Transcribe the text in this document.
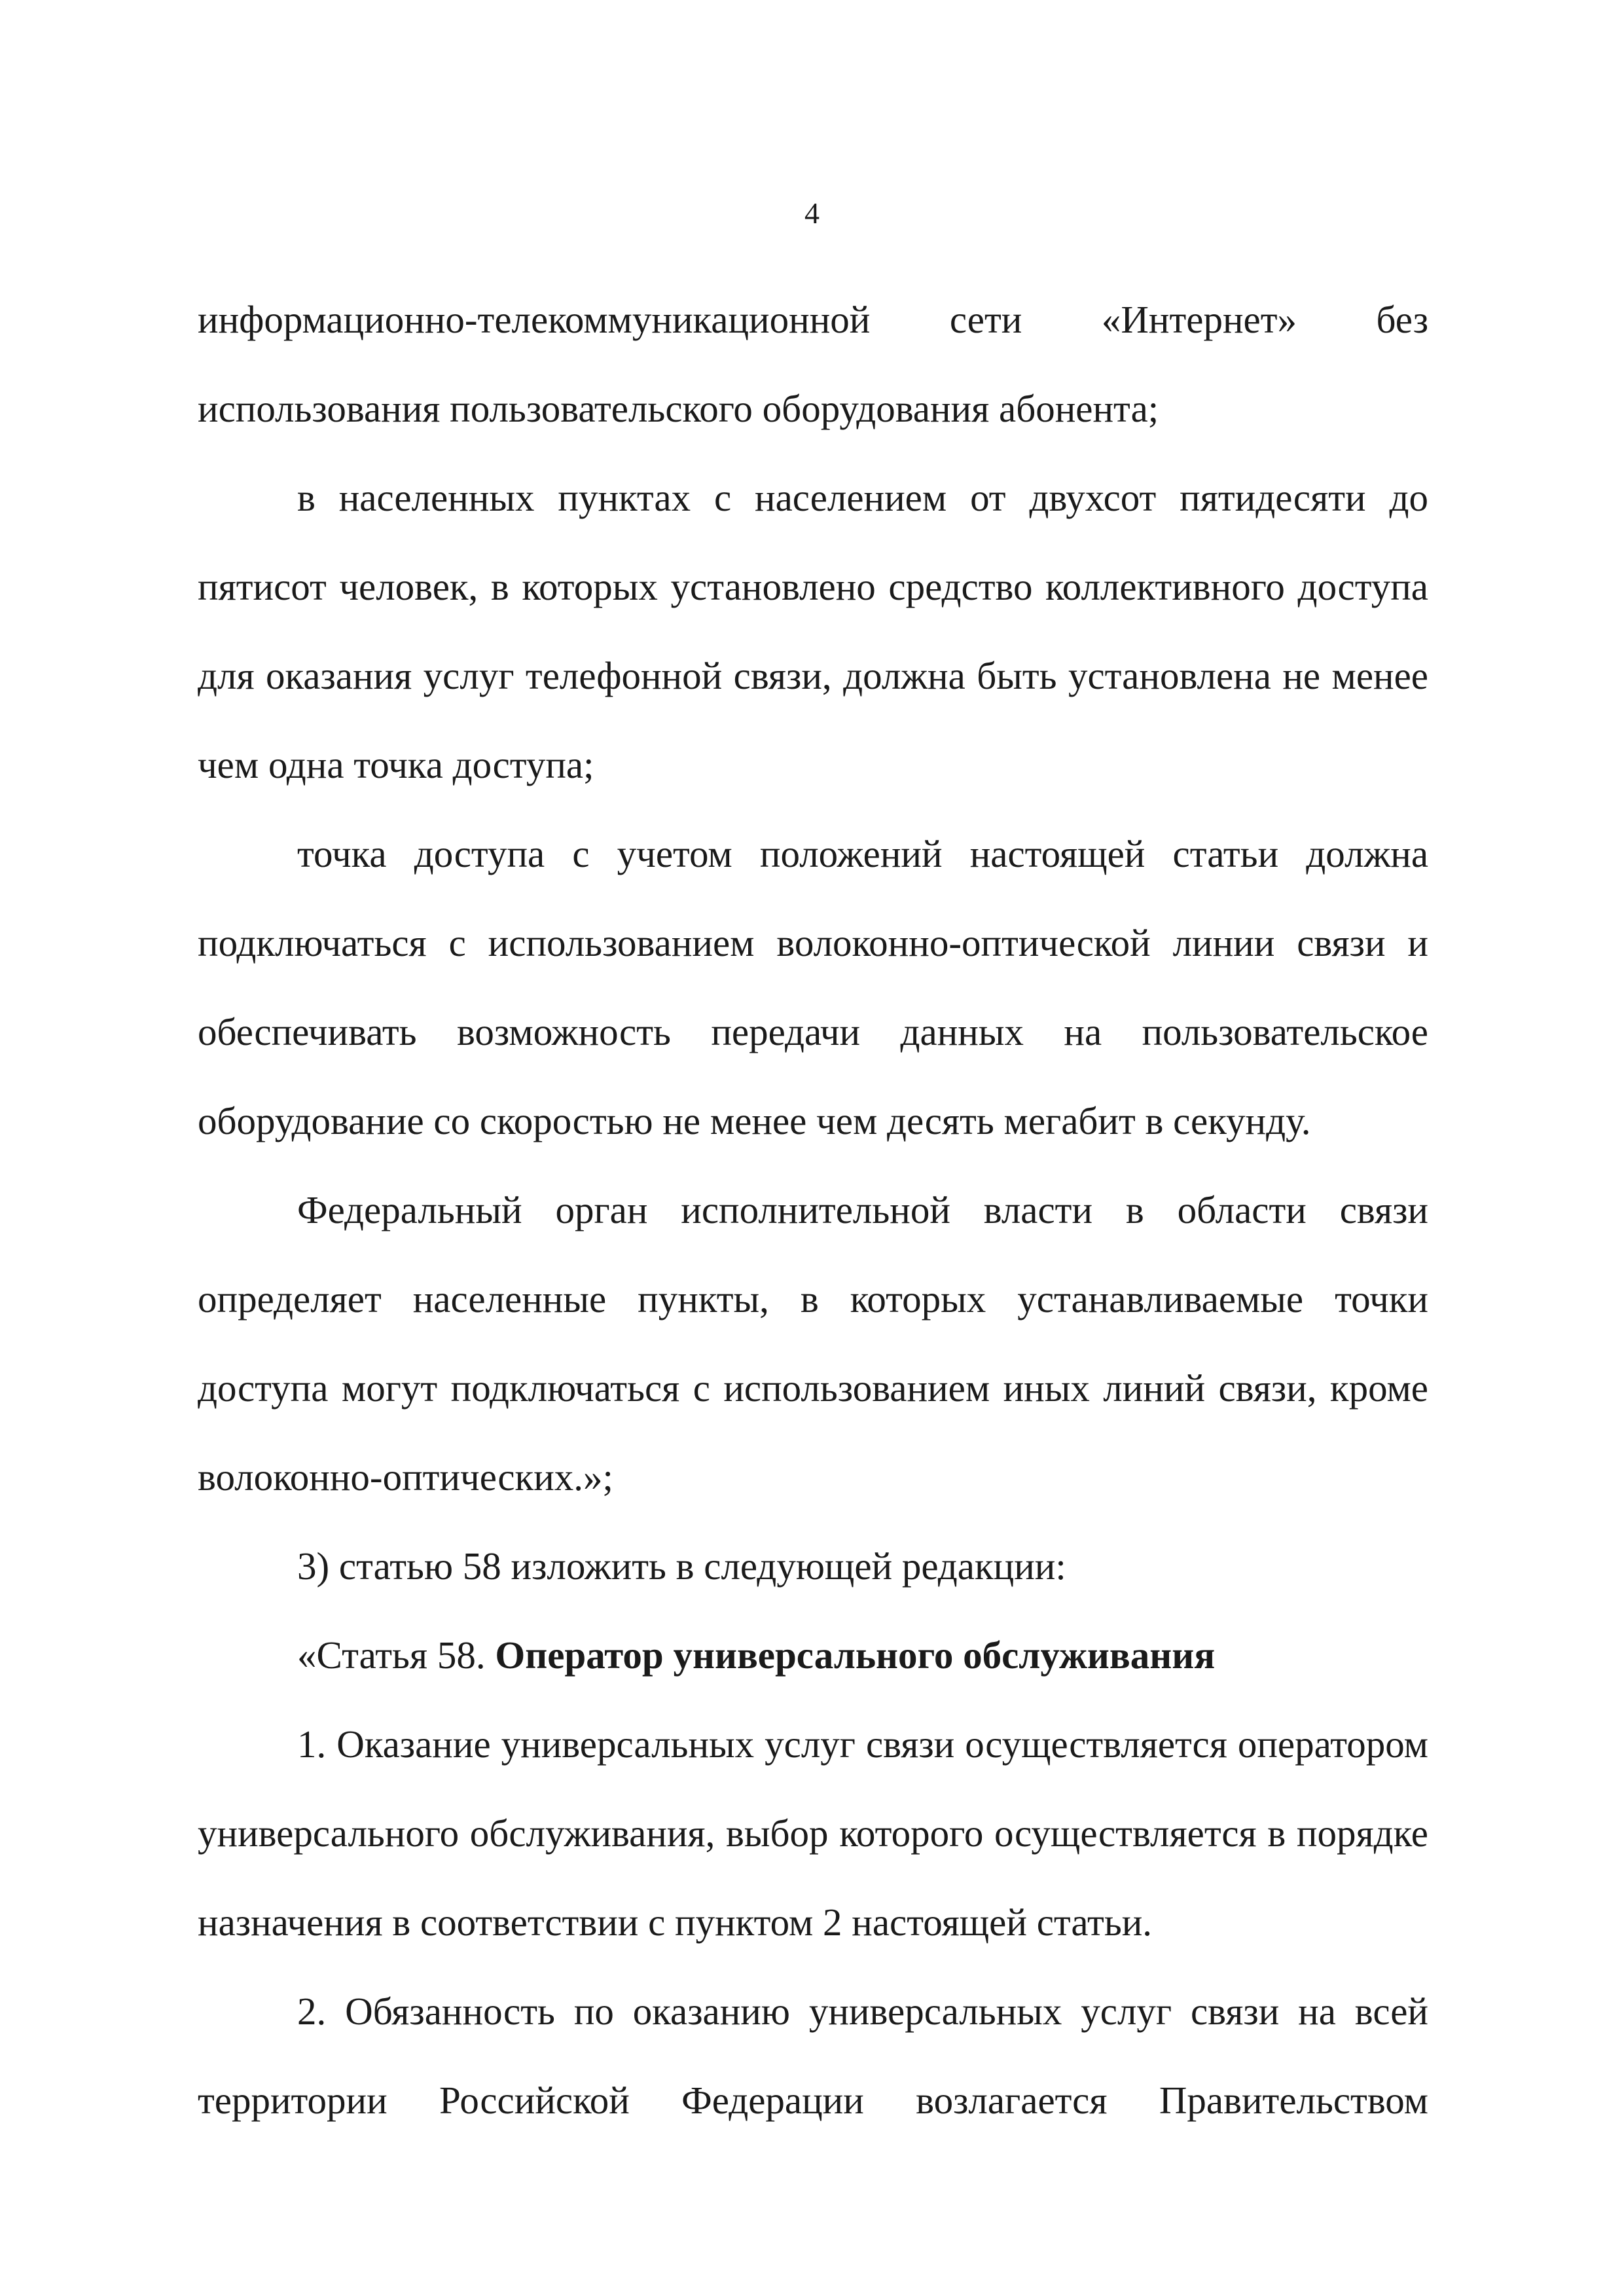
4
информационно-телекоммуникационной сети «Интернет» без
использования пользовательского оборудования абонента;
в населенных пунктах с населением от двухсот пятидесяти до
пятисот человек, в которых установлено средство коллективного доступа
для оказания услуг телефонной связи, должна быть установлена не менее
чем одна точка доступа;
точка доступа с учетом положений настоящей статьи должна
подключаться с использованием волоконно-оптической линии связи и
обеспечивать возможность передачи данных на пользовательское
оборудование со скоростью не менее чем десять мегабит в секунду.
Федеральный орган исполнительной власти в области связи
определяет населенные пункты, в которых устанавливаемые точки
доступа могут подключаться с использованием иных линий связи, кроме
волоконно-оптических.»;
3) статью 58 изложить в следующей редакции:
«Статья 58. Оператор универсального обслуживания
1. Оказание универсальных услуг связи осуществляется оператором
универсального обслуживания, выбор которого осуществляется в порядке
назначения в соответствии с пунктом 2 настоящей статьи.
2. Обязанность по оказанию универсальных услуг связи на всей
территории Российской Федерации возлагается Правительством
